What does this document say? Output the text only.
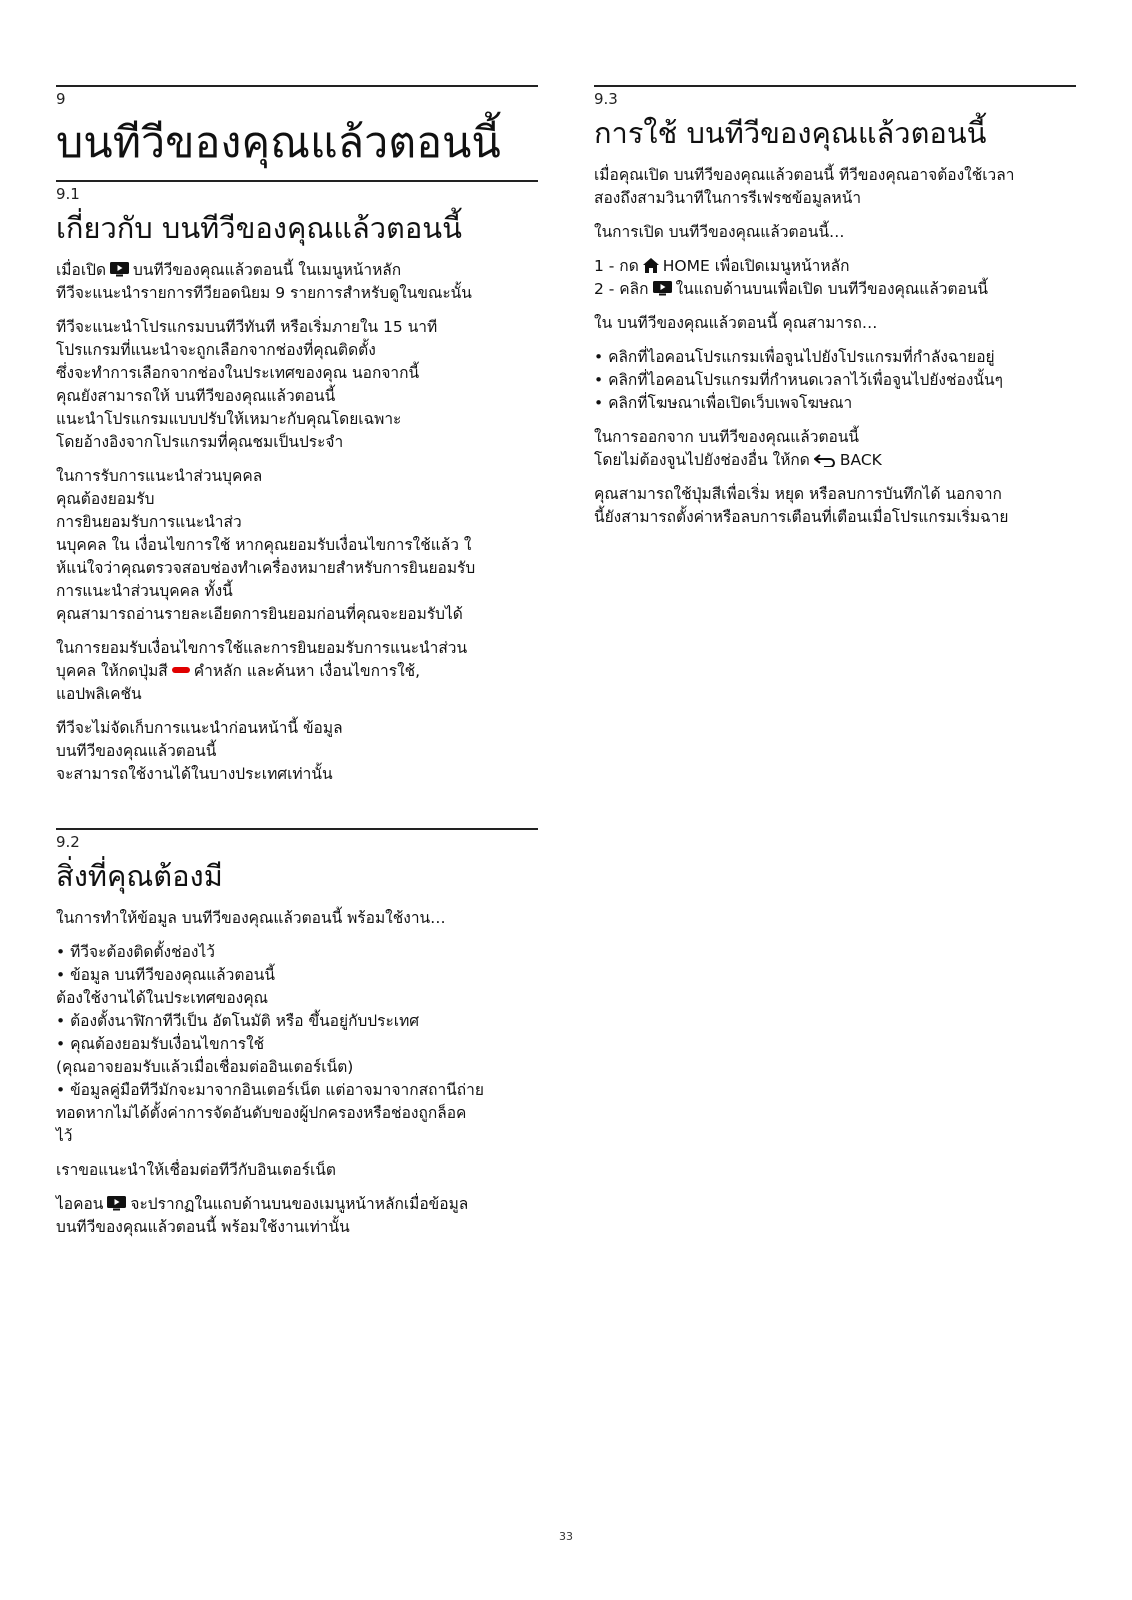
9
บนทีวีของคุณแล้วตอนนี้
9.1
เกี่ยวกับ บนทีวีของคุณแล้วตอนนี้

เมื่อเปิด บนทีวีของคุณแล้วตอนนี้ ในเมนูหน้าหลัก
ทีวีจะแนะนำรายการทีวียอดนิยม 9 รายการสำหรับดูในขณะนั้น

ทีวีจะแนะนำโปรแกรมบนทีวีทันที หรือเริ่มภายใน 15 นาที
โปรแกรมที่แนะนำจะถูกเลือกจากช่องที่คุณติดตั้ง
ซึ่งจะทำการเลือกจากช่องในประเทศของคุณ นอกจากนี้
คุณยังสามารถให้ บนทีวีของคุณแล้วตอนนี้
แนะนำโปรแกรมแบบปรับให้เหมาะกับคุณโดยเฉพาะ
โดยอ้างอิงจากโปรแกรมที่คุณชมเป็นประจำ

ในการรับการแนะนำส่วนบุคคล
คุณต้องยอมรับ
การยินยอมรับการแนะนำส่ว
นบุคคล ใน เงื่อนไขการใช้ หากคุณยอมรับเงื่อนไขการใช้แล้ว ใ
ห้แน่ใจว่าคุณตรวจสอบช่องทำเครื่องหมายสำหรับการยินยอมรับ
การแนะนำส่วนบุคคล ทั้งนี้
คุณสามารถอ่านรายละเอียดการยินยอมก่อนที่คุณจะยอมรับได้

ในการยอมรับเงื่อนไขการใช้และการยินยอมรับการแนะนำส่วน
บุคคล ให้กดปุ่มสี คำหลัก และค้นหา เงื่อนไขการใช้,
แอปพลิเคชัน

ทีวีจะไม่จัดเก็บการแนะนำก่อนหน้านี้ ข้อมูล
บนทีวีของคุณแล้วตอนนี้
จะสามารถใช้งานได้ในบางประเทศเท่านั้น

9.2
สิ่งที่คุณต้องมี

ในการทำให้ข้อมูล บนทีวีของคุณแล้วตอนนี้ พร้อมใช้งาน…

• ทีวีจะต้องติดตั้งช่องไว้
• ข้อมูล บนทีวีของคุณแล้วตอนนี้
ต้องใช้งานได้ในประเทศของคุณ
• ต้องตั้งนาฬิกาทีวีเป็น อัตโนมัติ หรือ ขึ้นอยู่กับประเทศ
• คุณต้องยอมรับเงื่อนไขการใช้
(คุณอาจยอมรับแล้วเมื่อเชื่อมต่ออินเตอร์เน็ต)
• ข้อมูลคู่มือทีวีมักจะมาจากอินเตอร์เน็ต แต่อาจมาจากสถานีถ่าย
ทอดหากไม่ได้ตั้งค่าการจัดอันดับของผู้ปกครองหรือช่องถูกล็อค
ไว้

เราขอแนะนำให้เชื่อมต่อทีวีกับอินเตอร์เน็ต

ไอคอน จะปรากฏในแถบด้านบนของเมนูหน้าหลักเมื่อข้อมูล
บนทีวีของคุณแล้วตอนนี้ พร้อมใช้งานเท่านั้น

9.3
การใช้ บนทีวีของคุณแล้วตอนนี้

เมื่อคุณเปิด บนทีวีของคุณแล้วตอนนี้ ทีวีของคุณอาจต้องใช้เวลา
สองถึงสามวินาทีในการรีเฟรชข้อมูลหน้า

ในการเปิด บนทีวีของคุณแล้วตอนนี้…

1 - กด HOME เพื่อเปิดเมนูหน้าหลัก
2 - คลิก ในแถบด้านบนเพื่อเปิด บนทีวีของคุณแล้วตอนนี้

ใน บนทีวีของคุณแล้วตอนนี้ คุณสามารถ…

• คลิกที่ไอคอนโปรแกรมเพื่อจูนไปยังโปรแกรมที่กำลังฉายอยู่
• คลิกที่ไอคอนโปรแกรมที่กำหนดเวลาไว้เพื่อจูนไปยังช่องนั้นๆ
• คลิกที่โฆษณาเพื่อเปิดเว็บเพจโฆษณา

ในการออกจาก บนทีวีของคุณแล้วตอนนี้
โดยไม่ต้องจูนไปยังช่องอื่น ให้กด BACK

คุณสามารถใช้ปุ่มสีเพื่อเริ่ม หยุด หรือลบการบันทึกได้ นอกจาก
นี้ยังสามารถตั้งค่าหรือลบการเตือนที่เตือนเมื่อโปรแกรมเริ่มฉาย

33
